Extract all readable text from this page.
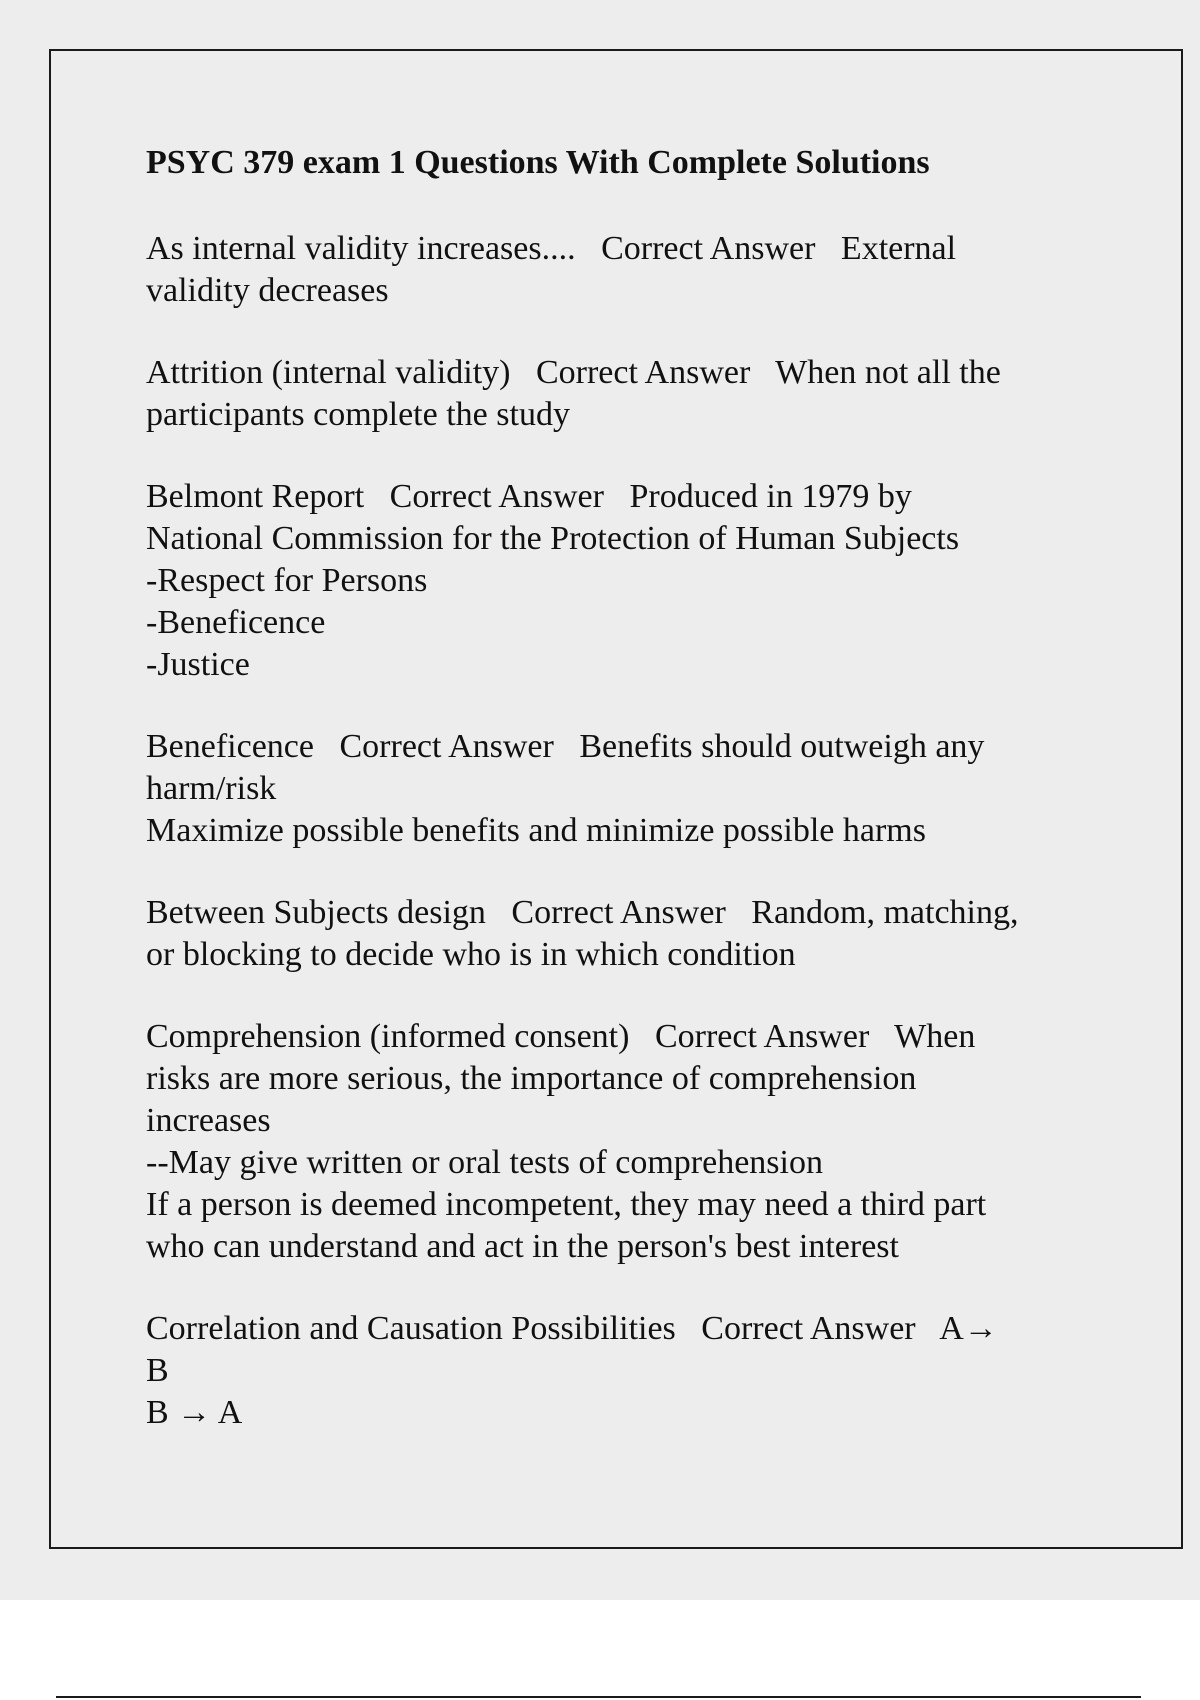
PSYC 379 exam 1 Questions With Complete Solutions
As internal validity increases....   Correct Answer   External
validity decreases
Attrition (internal validity)   Correct Answer   When not all the
participants complete the study
Belmont Report   Correct Answer   Produced in 1979 by
National Commission for the Protection of Human Subjects
-Respect for Persons
-Beneficence
-Justice
Beneficence   Correct Answer   Benefits should outweigh any
harm/risk
Maximize possible benefits and minimize possible harms
Between Subjects design   Correct Answer   Random, matching,
or blocking to decide who is in which condition
Comprehension (informed consent)   Correct Answer   When
risks are more serious, the importance of comprehension
increases
--May give written or oral tests of comprehension
If a person is deemed incompetent, they may need a third part
who can understand and act in the person's best interest
Correlation and Causation Possibilities   Correct Answer   A→
B
B → A
